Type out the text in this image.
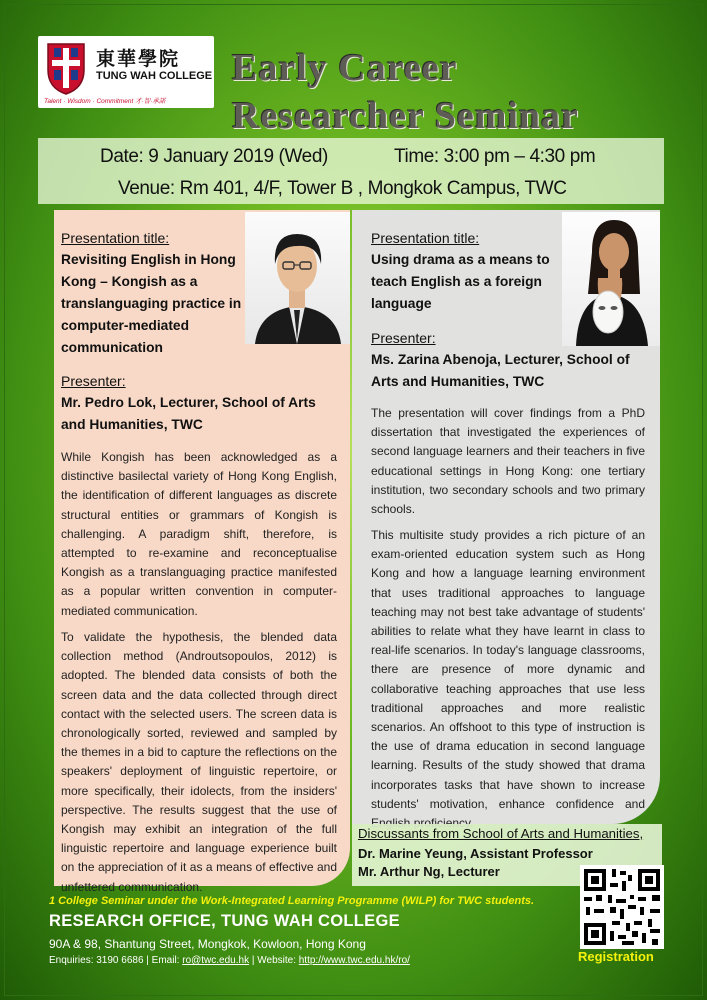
東華學院
TUNG WAH COLLEGE
Talent · Wisdom · Commitment 才·智·承諾
Early Career
Researcher Seminar
Date: 9 January 2019 (Wed)	Time: 3:00 pm – 4:30 pm
Venue: Rm 401, 4/F, Tower B , Mongkok Campus, TWC
Presentation title:
Revisiting English in Hong Kong – Kongish as a translanguaging practice in computer-mediated communication
Presenter:
Mr. Pedro Lok, Lecturer, School of Arts and Humanities, TWC
While Kongish has been acknowledged as a distinctive basilectal variety of Hong Kong English, the identification of different languages as discrete structural entities or grammars of Kongish is challenging. A paradigm shift, therefore, is attempted to re-examine and reconceptualise Kongish as a translanguaging practice manifested as a popular written convention in computer-mediated communication.
To validate the hypothesis, the blended data collection method (Androutsopoulos, 2012) is adopted. The blended data consists of both the screen data and the data collected through direct contact with the selected users. The screen data is chronologically sorted, reviewed and sampled by the themes in a bid to capture the reflections on the speakers' deployment of linguistic repertoire, or more specifically, their idolects, from the insiders' perspective. The results suggest that the use of Kongish may exhibit an integration of the full linguistic repertoire and language experience built on the appreciation of it as a means of effective and unfettered communication.
Presentation title:
Using drama as a means to teach English as a foreign language
Presenter:
Ms. Zarina Abenoja, Lecturer, School of Arts and Humanities, TWC
The presentation will cover findings from a PhD dissertation that investigated the experiences of second language learners and their teachers in five educational settings in Hong Kong: one tertiary institution, two secondary schools and two primary schools.
This multisite study provides a rich picture of an exam-oriented education system such as Hong Kong and how a language learning environment that uses traditional approaches to language teaching may not best take advantage of students' abilities to relate what they have learnt in class to real-life scenarios. In today's language classrooms, there are presence of more dynamic and collaborative teaching approaches that use less traditional approaches and more realistic scenarios. An offshoot to this type of instruction is the use of drama education in second language learning. Results of the study showed that drama incorporates tasks that have shown to increase students' motivation, enhance confidence and
Discussants from School of Arts and Humanities,
Dr. Marine Yeung, Assistant Professor
Mr. Arthur Ng, Lecturer
1 College Seminar under the Work-Integrated Learning Programme (WILP) for TWC students.
RESEARCH OFFICE, TUNG WAH COLLEGE
90A & 98, Shantung Street, Mongkok, Kowloon, Hong Kong
Enquiries: 3190 6686 | Email: ro@twc.edu.hk | Website: http://www.twc.edu.hk/ro/	Registration
